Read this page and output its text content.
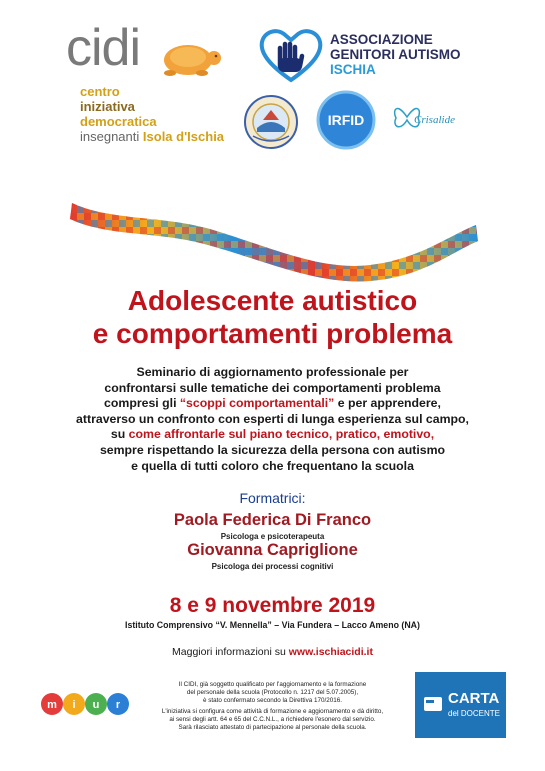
cidi
centro
iniziativa
democratica
insegnanti Isola d'Ischia
ASSOCIAZIONE
GENITORI AUTISMO
ISCHIA
IRFID	Crisalide
Adolescente autistico
e comportamenti problema
Seminario di aggiornamento professionale per
confrontarsi sulle tematiche dei comportamenti problema
compresi gli “scoppi comportamentali” e per apprendere,
attraverso un confronto con esperti di lunga esperienza sul campo,
su come affrontarle sul piano tecnico, pratico, emotivo,
sempre rispettando la sicurezza della persona con autismo
e quella di tutti coloro che frequentano la scuola
Formatrici:
Paola Federica Di Franco
Psicologa e psicoterapeuta
Giovanna Capriglione
Psicologa dei processi cognitivi
8 e 9 novembre 2019
Istituto Comprensivo “V. Mennella” – Via Fundera – Lacco Ameno (NA)
Maggiori informazioni su www.ischiacidi.it
m i u r
Il CIDI, già soggetto qualificato per l'aggiornamento e la formazione
del personale della scuola (Protocollo n. 1217 del 5.07.2005),
è stato confermato secondo la Direttiva 170/2016.
L'iniziativa si configura come attività di formazione e aggiornamento e dà diritto,
ai sensi degli artt. 64 e 65 del C.C.N.L., a richiedere l'esonero dal servizio.
Sarà rilasciato attestato di partecipazione al personale della scuola.
CARTA
del DOCENTE
